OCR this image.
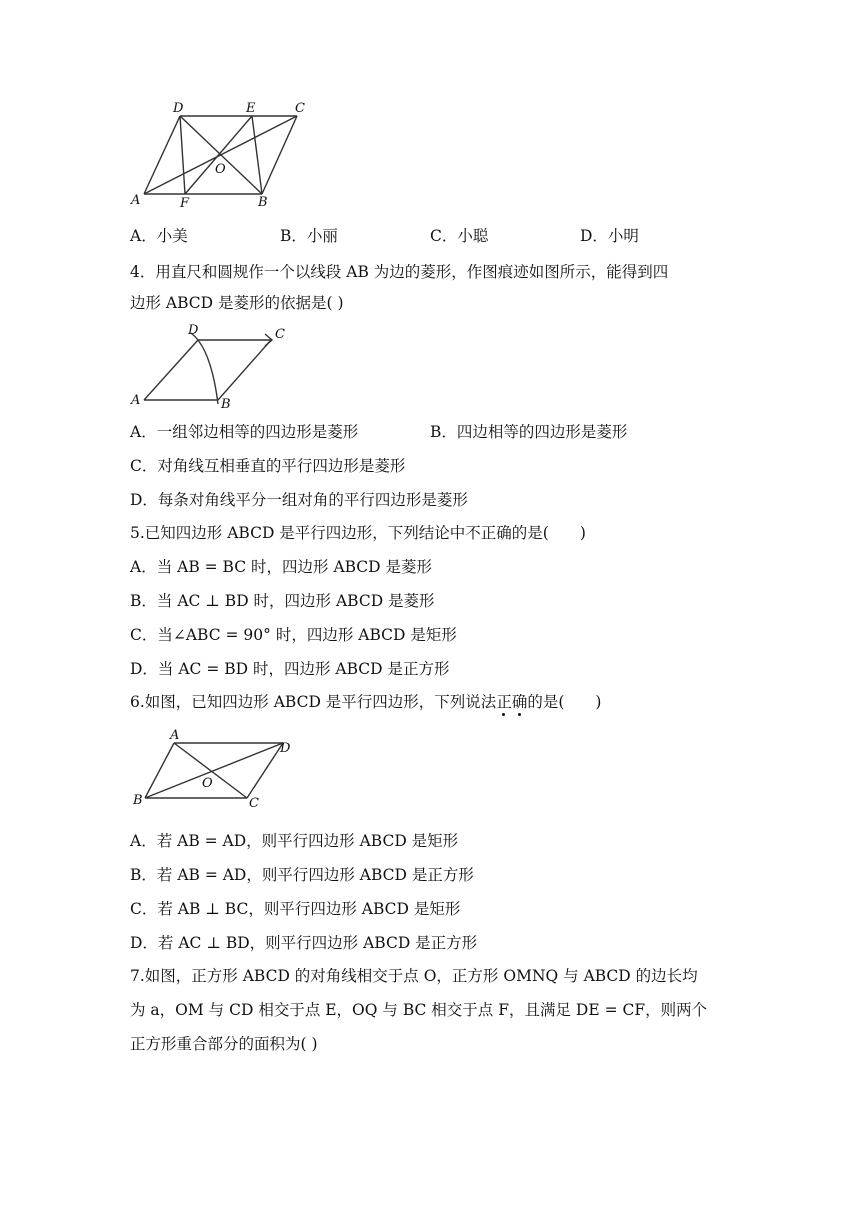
D	E	C
O
A	F	B
A．小美	B．小丽	C．小聪	D．小明
4．用直尺和圆规作一个以线段 AB 为边的菱形，作图痕迹如图所示，能得到四
边形 ABCD 是菱形的依据是( )
D	C
A	B
A．一组邻边相等的四边形是菱形	B．四边相等的四边形是菱形
C．对角线互相垂直的平行四边形是菱形
D．每条对角线平分一组对角的平行四边形是菱形
5.已知四边形 ABCD 是平行四边形，下列结论中不正确的是(　　)
A．当 AB = BC 时，四边形 ABCD 是菱形
B．当 AC ⊥ BD 时，四边形 ABCD 是菱形
C．当∠ABC = 90° 时，四边形 ABCD 是矩形
D．当 AC = BD 时，四边形 ABCD 是正方形
6.如图，已知四边形 ABCD 是平行四边形，下列说法正确
的是(　　)
A
D
O
B	C
A．若 AB = AD，则平行四边形 ABCD 是矩形
B．若 AB = AD，则平行四边形 ABCD 是正方形
C．若 AB ⊥ BC，则平行四边形 ABCD 是矩形
D．若 AC ⊥ BD，则平行四边形 ABCD 是正方形
7.如图，正方形 ABCD 的对角线相交于点 O，正方形 OMNQ 与 ABCD 的边长均
为 a，OM 与 CD 相交于点 E，OQ 与 BC 相交于点 F，且满足 DE = CF，则两个
正方形重合部分的面积为( )
